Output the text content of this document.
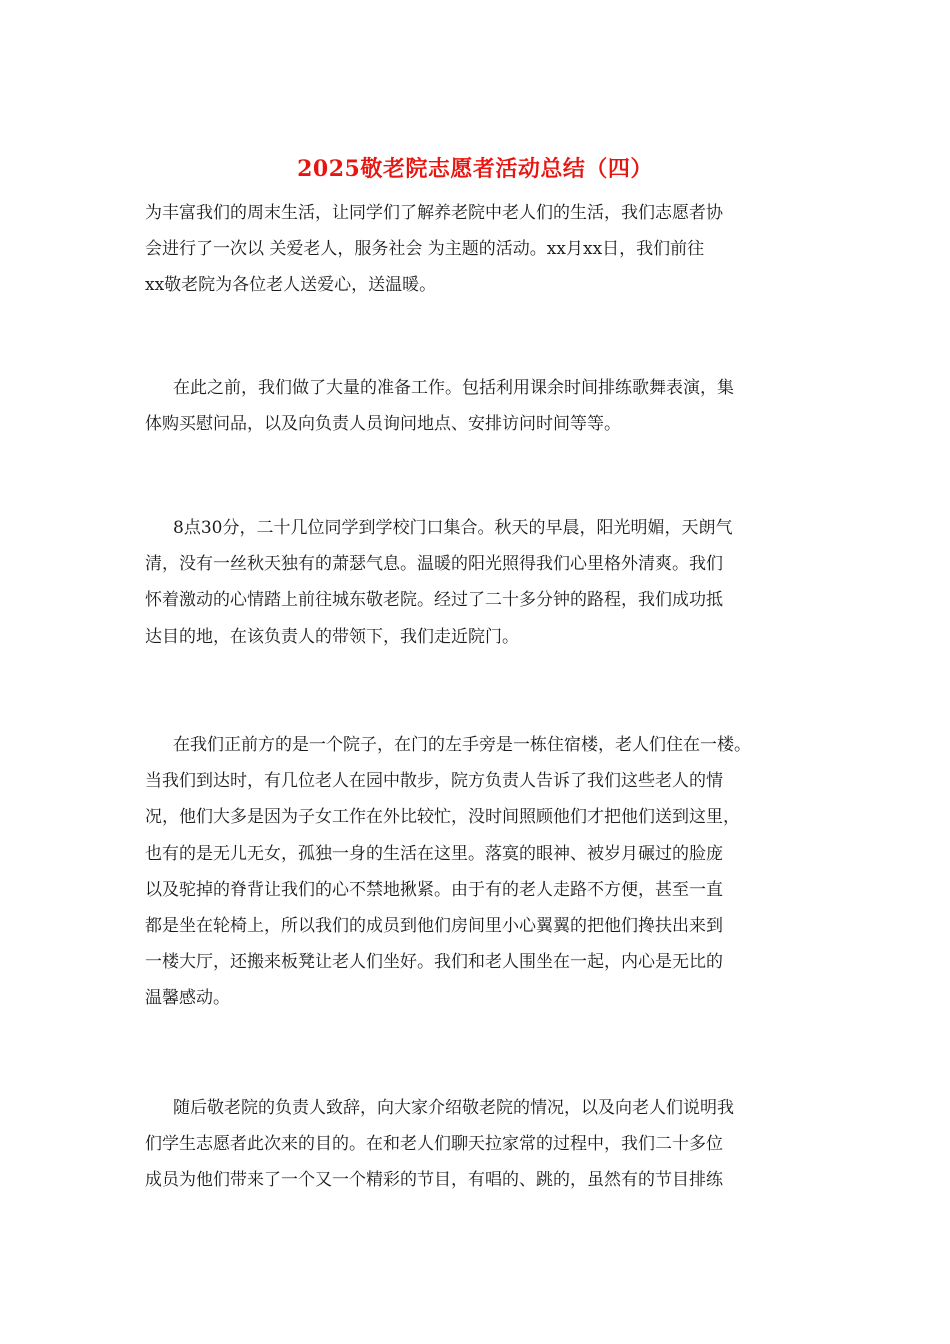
2025敬老院志愿者活动总结（四）
为丰富我们的周末生活，让同学们了解养老院中老人们的生活，我们志愿者协
会进行了一次以 关爱老人，服务社会 为主题的活动。xx月xx日，我们前往
xx敬老院为各位老人送爱心，送温暖。
在此之前，我们做了大量的准备工作。包括利用课余时间排练歌舞表演，集
体购买慰问品，以及向负责人员询问地点、安排访问时间等等。
8点30分，二十几位同学到学校门口集合。秋天的早晨，阳光明媚，天朗气
清，没有一丝秋天独有的萧瑟气息。温暖的阳光照得我们心里格外清爽。我们
怀着激动的心情踏上前往城东敬老院。经过了二十多分钟的路程，我们成功抵
达目的地，在该负责人的带领下，我们走近院门。
在我们正前方的是一个院子，在门的左手旁是一栋住宿楼，老人们住在一楼。
当我们到达时，有几位老人在园中散步，院方负责人告诉了我们这些老人的情
况，他们大多是因为子女工作在外比较忙，没时间照顾他们才把他们送到这里，
也有的是无儿无女，孤独一身的生活在这里。落寞的眼神、被岁月碾过的脸庞
以及驼掉的脊背让我们的心不禁地揪紧。由于有的老人走路不方便，甚至一直
都是坐在轮椅上，所以我们的成员到他们房间里小心翼翼的把他们搀扶出来到
一楼大厅，还搬来板凳让老人们坐好。我们和老人围坐在一起，内心是无比的
温馨感动。
随后敬老院的负责人致辞，向大家介绍敬老院的情况，以及向老人们说明我
们学生志愿者此次来的目的。在和老人们聊天拉家常的过程中，我们二十多位
成员为他们带来了一个又一个精彩的节目，有唱的、跳的，虽然有的节目排练
